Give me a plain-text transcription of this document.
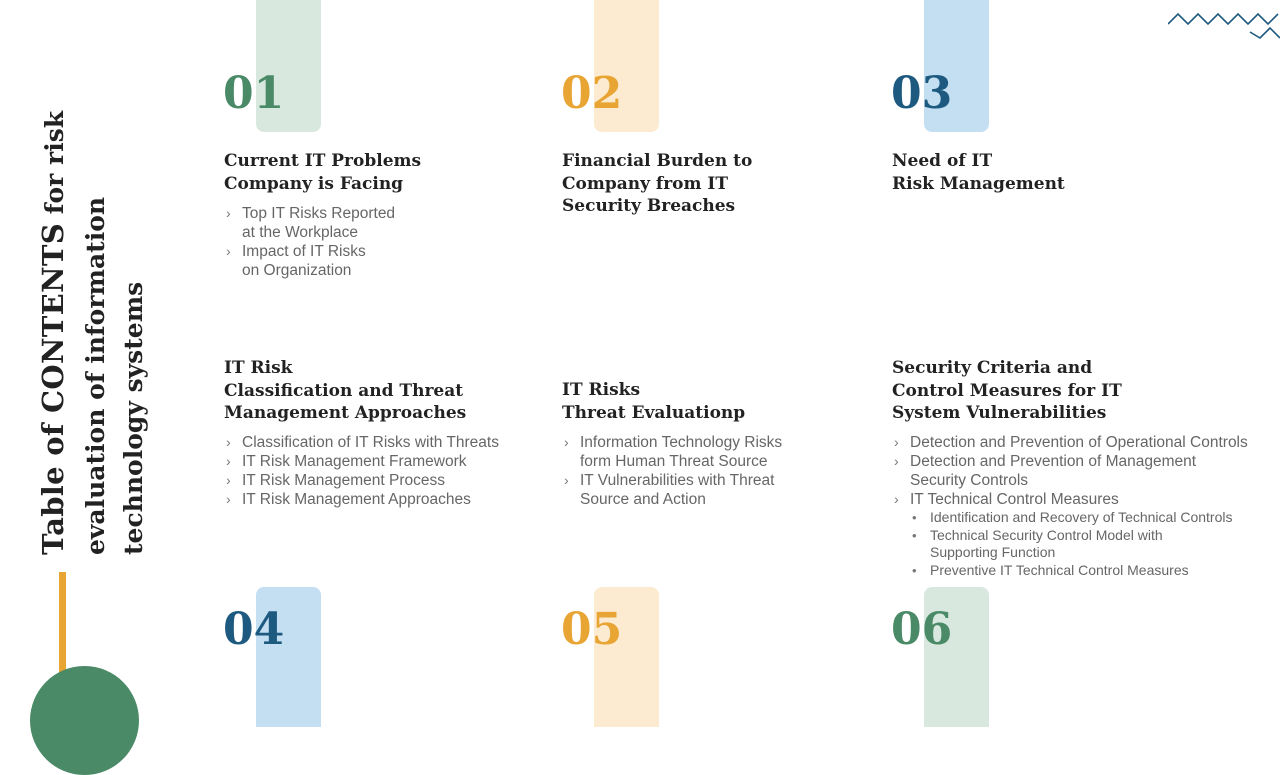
Table of CONTENTS for risk
evaluation of information technology systems
01	02	03
04	05	06
Current IT Problems
Company is Facing
› Top IT Risks Reported
at the Workplace
› Impact of IT Risks
on Organization
Financial Burden to
Company from IT
Security Breaches
Need of IT
Risk Management
IT Risk
Classification and Threat
Management Approaches
› Classification of IT Risks with Threats
› IT Risk Management Framework
› IT Risk Management Process
› IT Risk Management Approaches
IT Risks
Threat Evaluationp
› Information Technology Risks
form Human Threat Source
› IT Vulnerabilities with Threat
Source and Action
Security Criteria and
Control Measures for IT
System Vulnerabilities
› Detection and Prevention of Operational Controls
› Detection and Prevention of Management
Security Controls
› IT Technical Control Measures
• Identification and Recovery of Technical Controls
• Technical Security Control Model with
Supporting Function
• Preventive IT Technical Control Measures
